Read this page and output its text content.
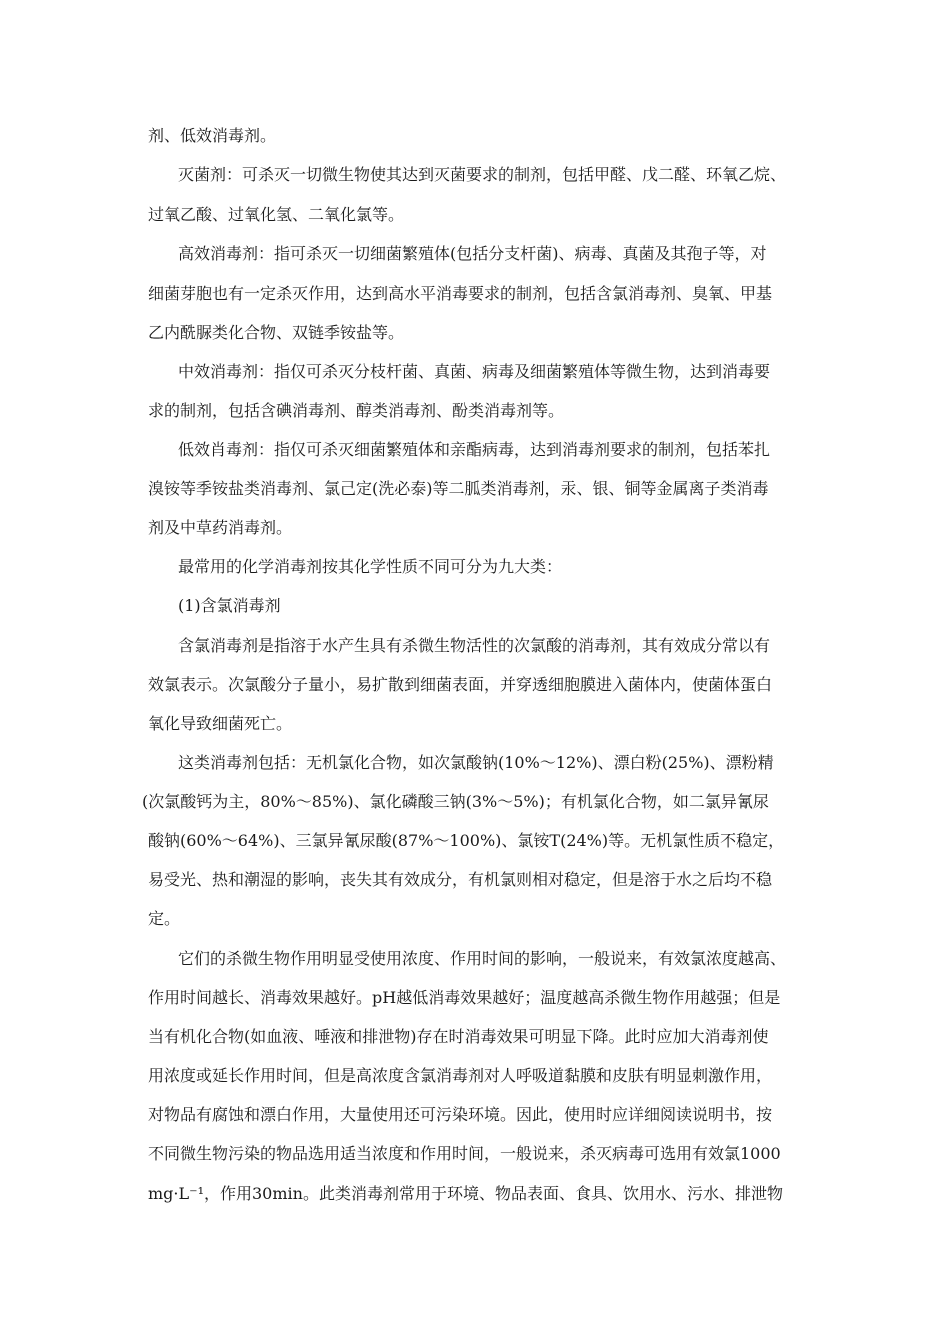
剂、低效消毒剂。
灭菌剂：可杀灭一切微生物使其达到灭菌要求的制剂，包括甲醛、戊二醛、环氧乙烷、
过氧乙酸、过氧化氢、二氧化氯等。
高效消毒剂：指可杀灭一切细菌繁殖体(包括分支杆菌)、病毒、真菌及其孢子等，对
细菌芽胞也有一定杀灭作用，达到高水平消毒要求的制剂，包括含氯消毒剂、臭氧、甲基
乙内酰脲类化合物、双链季铵盐等。
中效消毒剂：指仅可杀灭分枝杆菌、真菌、病毒及细菌繁殖体等微生物，达到消毒要
求的制剂，包括含碘消毒剂、醇类消毒剂、酚类消毒剂等。
低效肖毒剂：指仅可杀灭细菌繁殖体和亲酯病毒，达到消毒剂要求的制剂，包括苯扎
溴铵等季铵盐类消毒剂、氯己定(洗必泰)等二胍类消毒剂，汞、银、铜等金属离子类消毒
剂及中草药消毒剂。
最常用的化学消毒剂按其化学性质不同可分为九大类：
(1)含氯消毒剂
含氯消毒剂是指溶于水产生具有杀微生物活性的次氯酸的消毒剂，其有效成分常以有
效氯表示。次氯酸分子量小，易扩散到细菌表面，并穿透细胞膜进入菌体内，使菌体蛋白
氧化导致细菌死亡。
这类消毒剂包括：无机氯化合物，如次氯酸钠(10%～12%)、漂白粉(25%)、漂粉精
(次氯酸钙为主，80%～85%)、氯化磷酸三钠(3%～5%)；有机氯化合物，如二氯异氰尿
酸钠(60%～64%)、三氯异氰尿酸(87%～100%)、氯铵T(24%)等。无机氯性质不稳定，
易受光、热和潮湿的影响，丧失其有效成分，有机氯则相对稳定，但是溶于水之后均不稳
定。
它们的杀微生物作用明显受使用浓度、作用时间的影响，一般说来，有效氯浓度越高、
作用时间越长、消毒效果越好。pH越低消毒效果越好；温度越高杀微生物作用越强；但是
当有机化合物(如血液、唾液和排泄物)存在时消毒效果可明显下降。此时应加大消毒剂使
用浓度或延长作用时间，但是高浓度含氯消毒剂对人呼吸道黏膜和皮肤有明显刺激作用，
对物品有腐蚀和漂白作用，大量使用还可污染环境。因此，使用时应详细阅读说明书，按
不同微生物污染的物品选用适当浓度和作用时间，一般说来，杀灭病毒可选用有效氯1000
mg·L⁻¹，作用30min。此类消毒剂常用于环境、物品表面、食具、饮用水、污水、排泄物
